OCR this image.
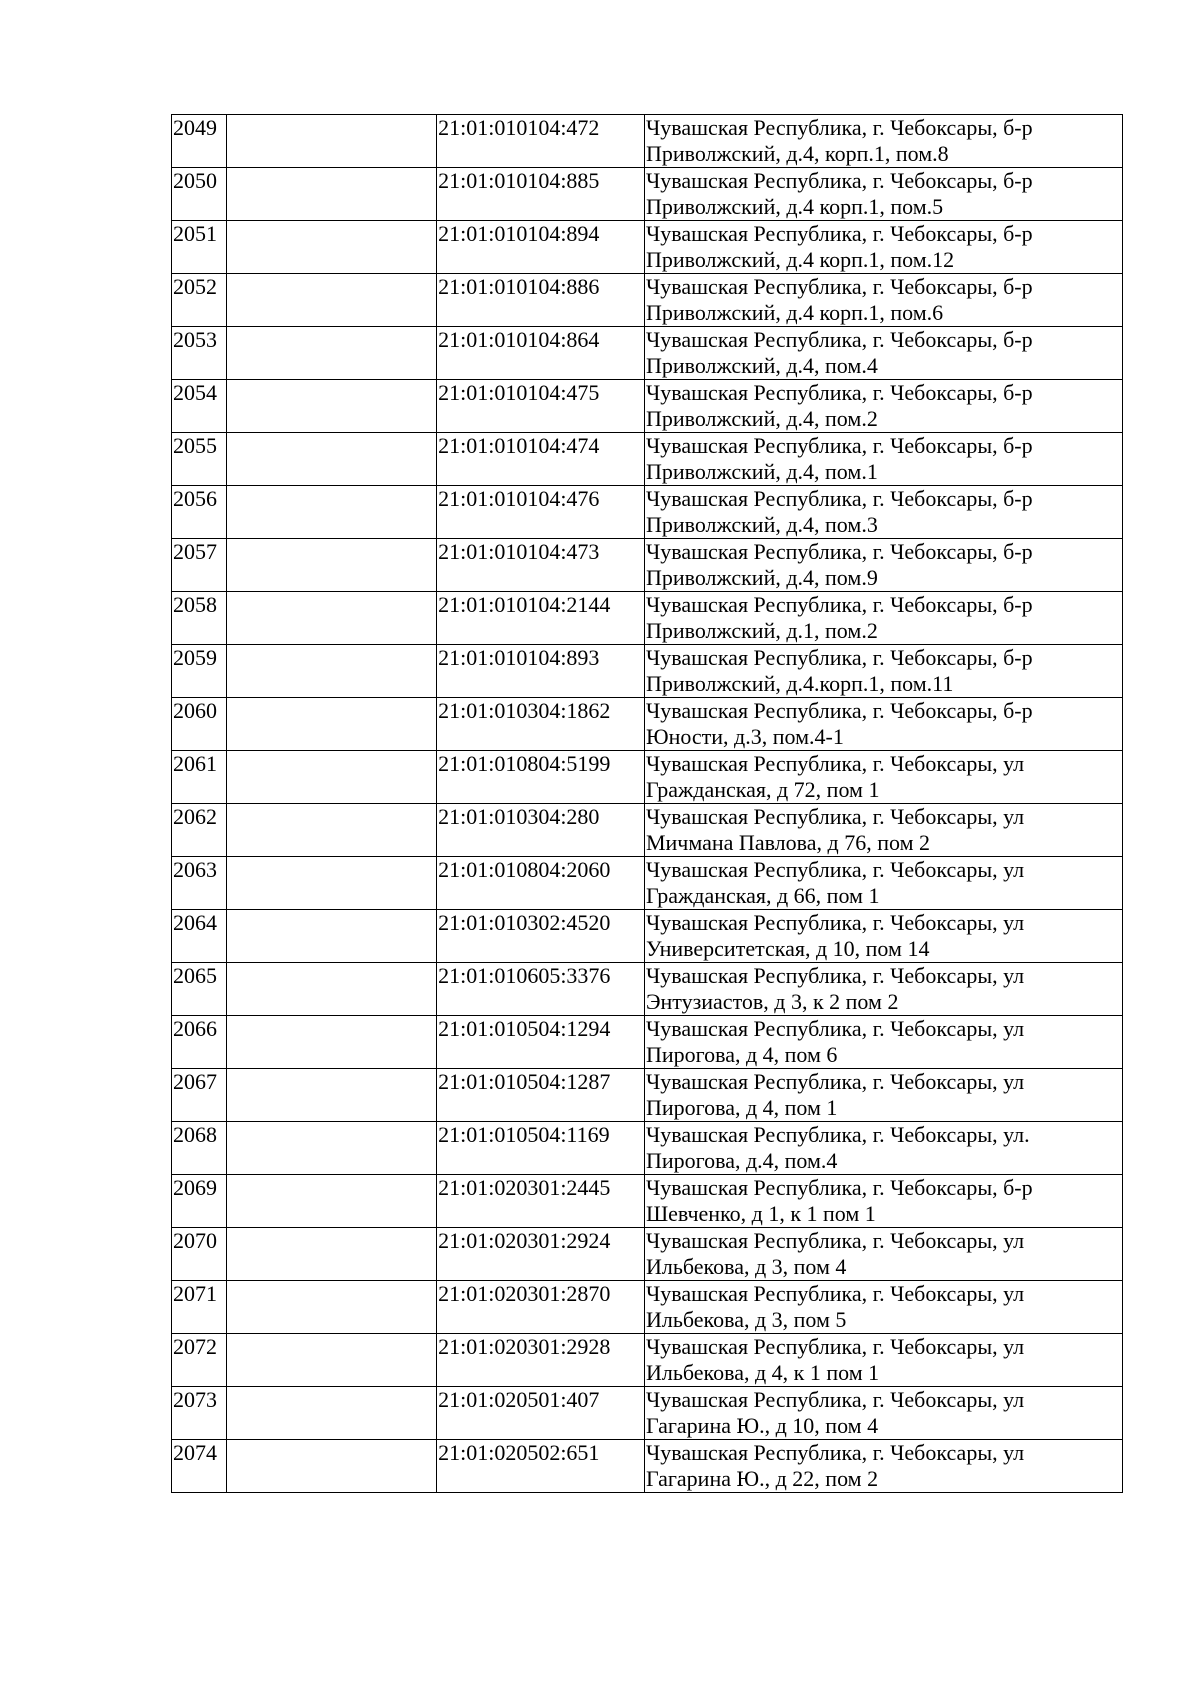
2049		21:01:010104:472	Чувашская Республика, г. Чебоксары, б-р
Приволжский, д.4, корп.1, пом.8

2050		21:01:010104:885	Чувашская Республика, г. Чебоксары, б-р
Приволжский, д.4 корп.1, пом.5

2051		21:01:010104:894	Чувашская Республика, г. Чебоксары, б-р
Приволжский, д.4 корп.1, пом.12

2052		21:01:010104:886	Чувашская Республика, г. Чебоксары, б-р
Приволжский, д.4 корп.1, пом.6

2053		21:01:010104:864	Чувашская Республика, г. Чебоксары, б-р
Приволжский, д.4, пом.4

2054		21:01:010104:475	Чувашская Республика, г. Чебоксары, б-р
Приволжский, д.4, пом.2

2055		21:01:010104:474	Чувашская Республика, г. Чебоксары, б-р
Приволжский, д.4, пом.1

2056		21:01:010104:476	Чувашская Республика, г. Чебоксары, б-р
Приволжский, д.4, пом.3

2057		21:01:010104:473	Чувашская Республика, г. Чебоксары, б-р
Приволжский, д.4, пом.9

2058		21:01:010104:2144	Чувашская Республика, г. Чебоксары, б-р
Приволжский, д.1, пом.2

2059		21:01:010104:893	Чувашская Республика, г. Чебоксары, б-р
Приволжский, д.4.корп.1, пом.11

2060		21:01:010304:1862	Чувашская Республика, г. Чебоксары, б-р
Юности, д.3, пом.4-1

2061		21:01:010804:5199	Чувашская Республика, г. Чебоксары, ул
Гражданская, д 72, пом 1

2062		21:01:010304:280	Чувашская Республика, г. Чебоксары, ул
Мичмана Павлова, д 76, пом 2

2063		21:01:010804:2060	Чувашская Республика, г. Чебоксары, ул
Гражданская, д 66, пом 1

2064		21:01:010302:4520	Чувашская Республика, г. Чебоксары, ул
Университетская, д 10, пом 14

2065		21:01:010605:3376	Чувашская Республика, г. Чебоксары, ул
Энтузиастов, д 3, к 2 пом 2

2066		21:01:010504:1294	Чувашская Республика, г. Чебоксары, ул
Пирогова, д 4, пом 6

2067		21:01:010504:1287	Чувашская Республика, г. Чебоксары, ул
Пирогова, д 4, пом 1

2068		21:01:010504:1169	Чувашская Республика, г. Чебоксары, ул.
Пирогова, д.4, пом.4

2069		21:01:020301:2445	Чувашская Республика, г. Чебоксары, б-р
Шевченко, д 1, к 1 пом 1

2070		21:01:020301:2924	Чувашская Республика, г. Чебоксары, ул
Ильбекова, д 3, пом 4

2071		21:01:020301:2870	Чувашская Республика, г. Чебоксары, ул
Ильбекова, д 3, пом 5

2072		21:01:020301:2928	Чувашская Республика, г. Чебоксары, ул
Ильбекова, д 4, к 1 пом 1

2073		21:01:020501:407	Чувашская Республика, г. Чебоксары, ул
Гагарина Ю., д 10, пом 4

2074		21:01:020502:651	Чувашская Республика, г. Чебоксары, ул
Гагарина Ю., д 22, пом 2
